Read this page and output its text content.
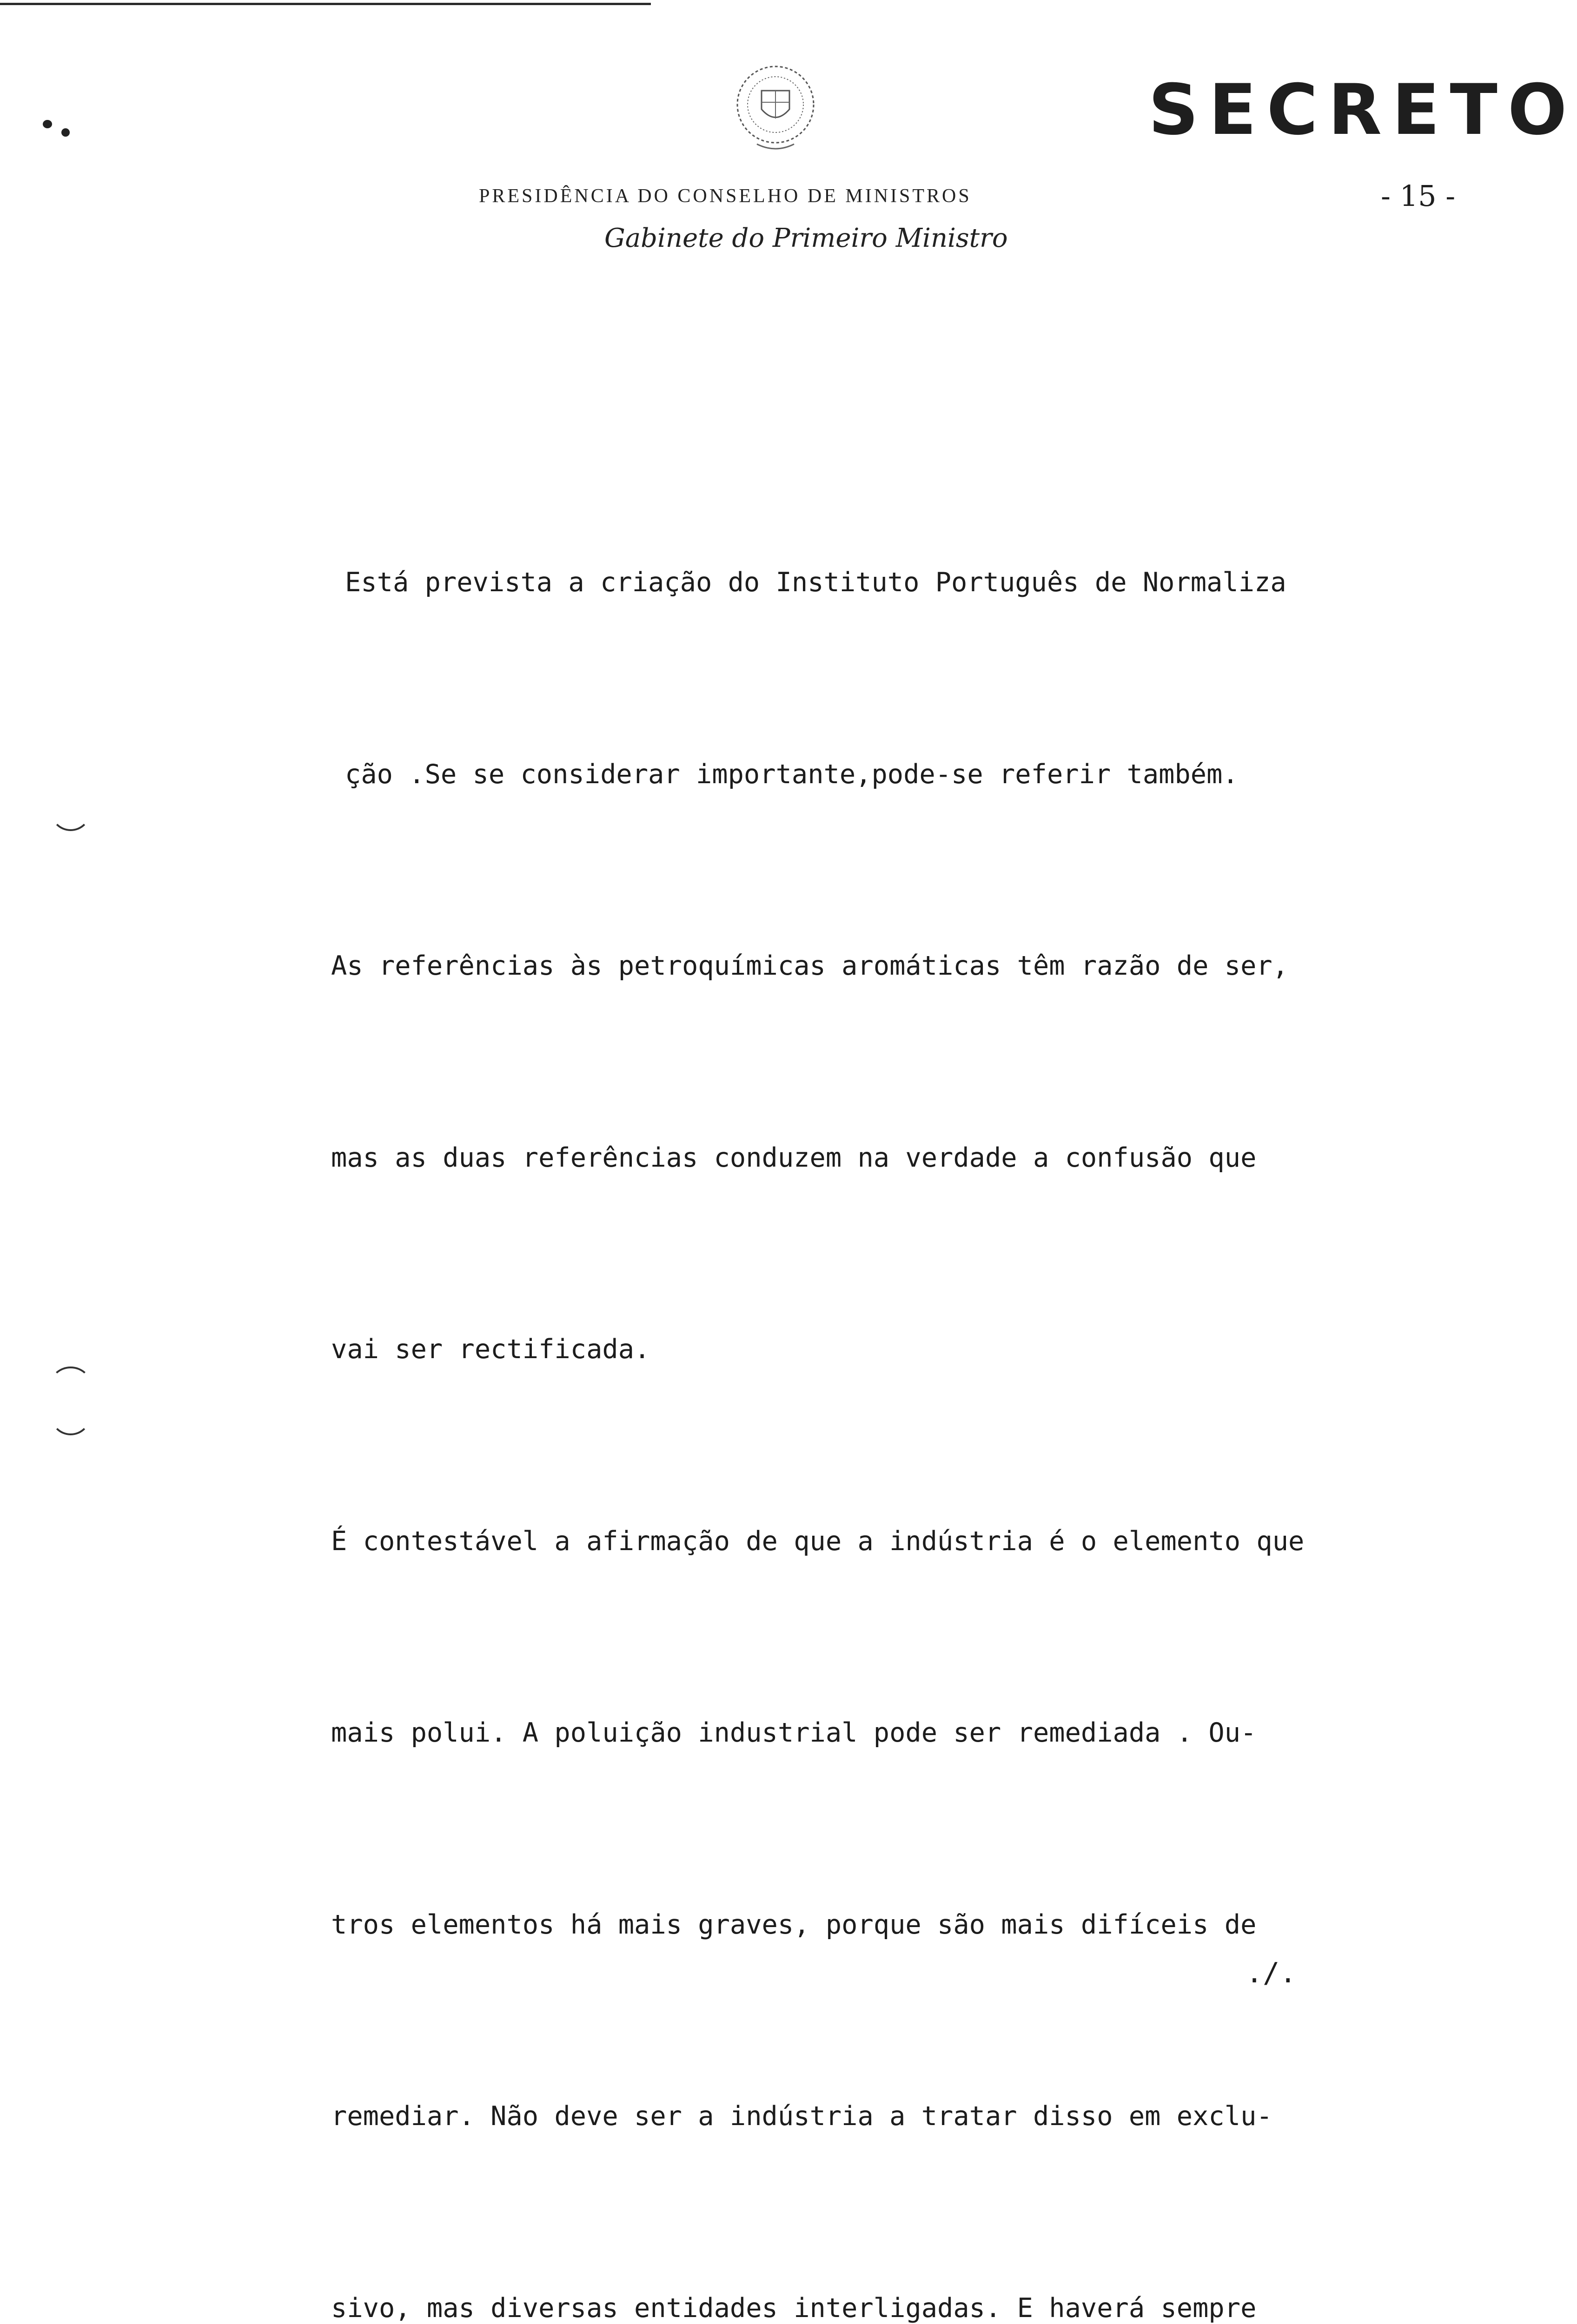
SECRETO
- 15 -
PRESIDÊNCIA DO CONSELHO DE MINISTROS
Gabinete do Primeiro Ministro

Está prevista a criação do Instituto Português de Normaliza

ção .Se se considerar importante,pode-se referir também.

As referências às petroquímicas aromáticas têm razão de ser,

mas as duas referências conduzem na verdade a confusão que

vai ser rectificada.

É contestável a afirmação de que a indústria é o elemento que

mais polui. A poluição industrial pode ser remediada . Ou-

tros elementos há mais graves, porque são mais difíceis de

remediar. Não deve ser a indústria a tratar disso em exclu-

sivo, mas diversas entidades interligadas. E haverá sempre

./.
